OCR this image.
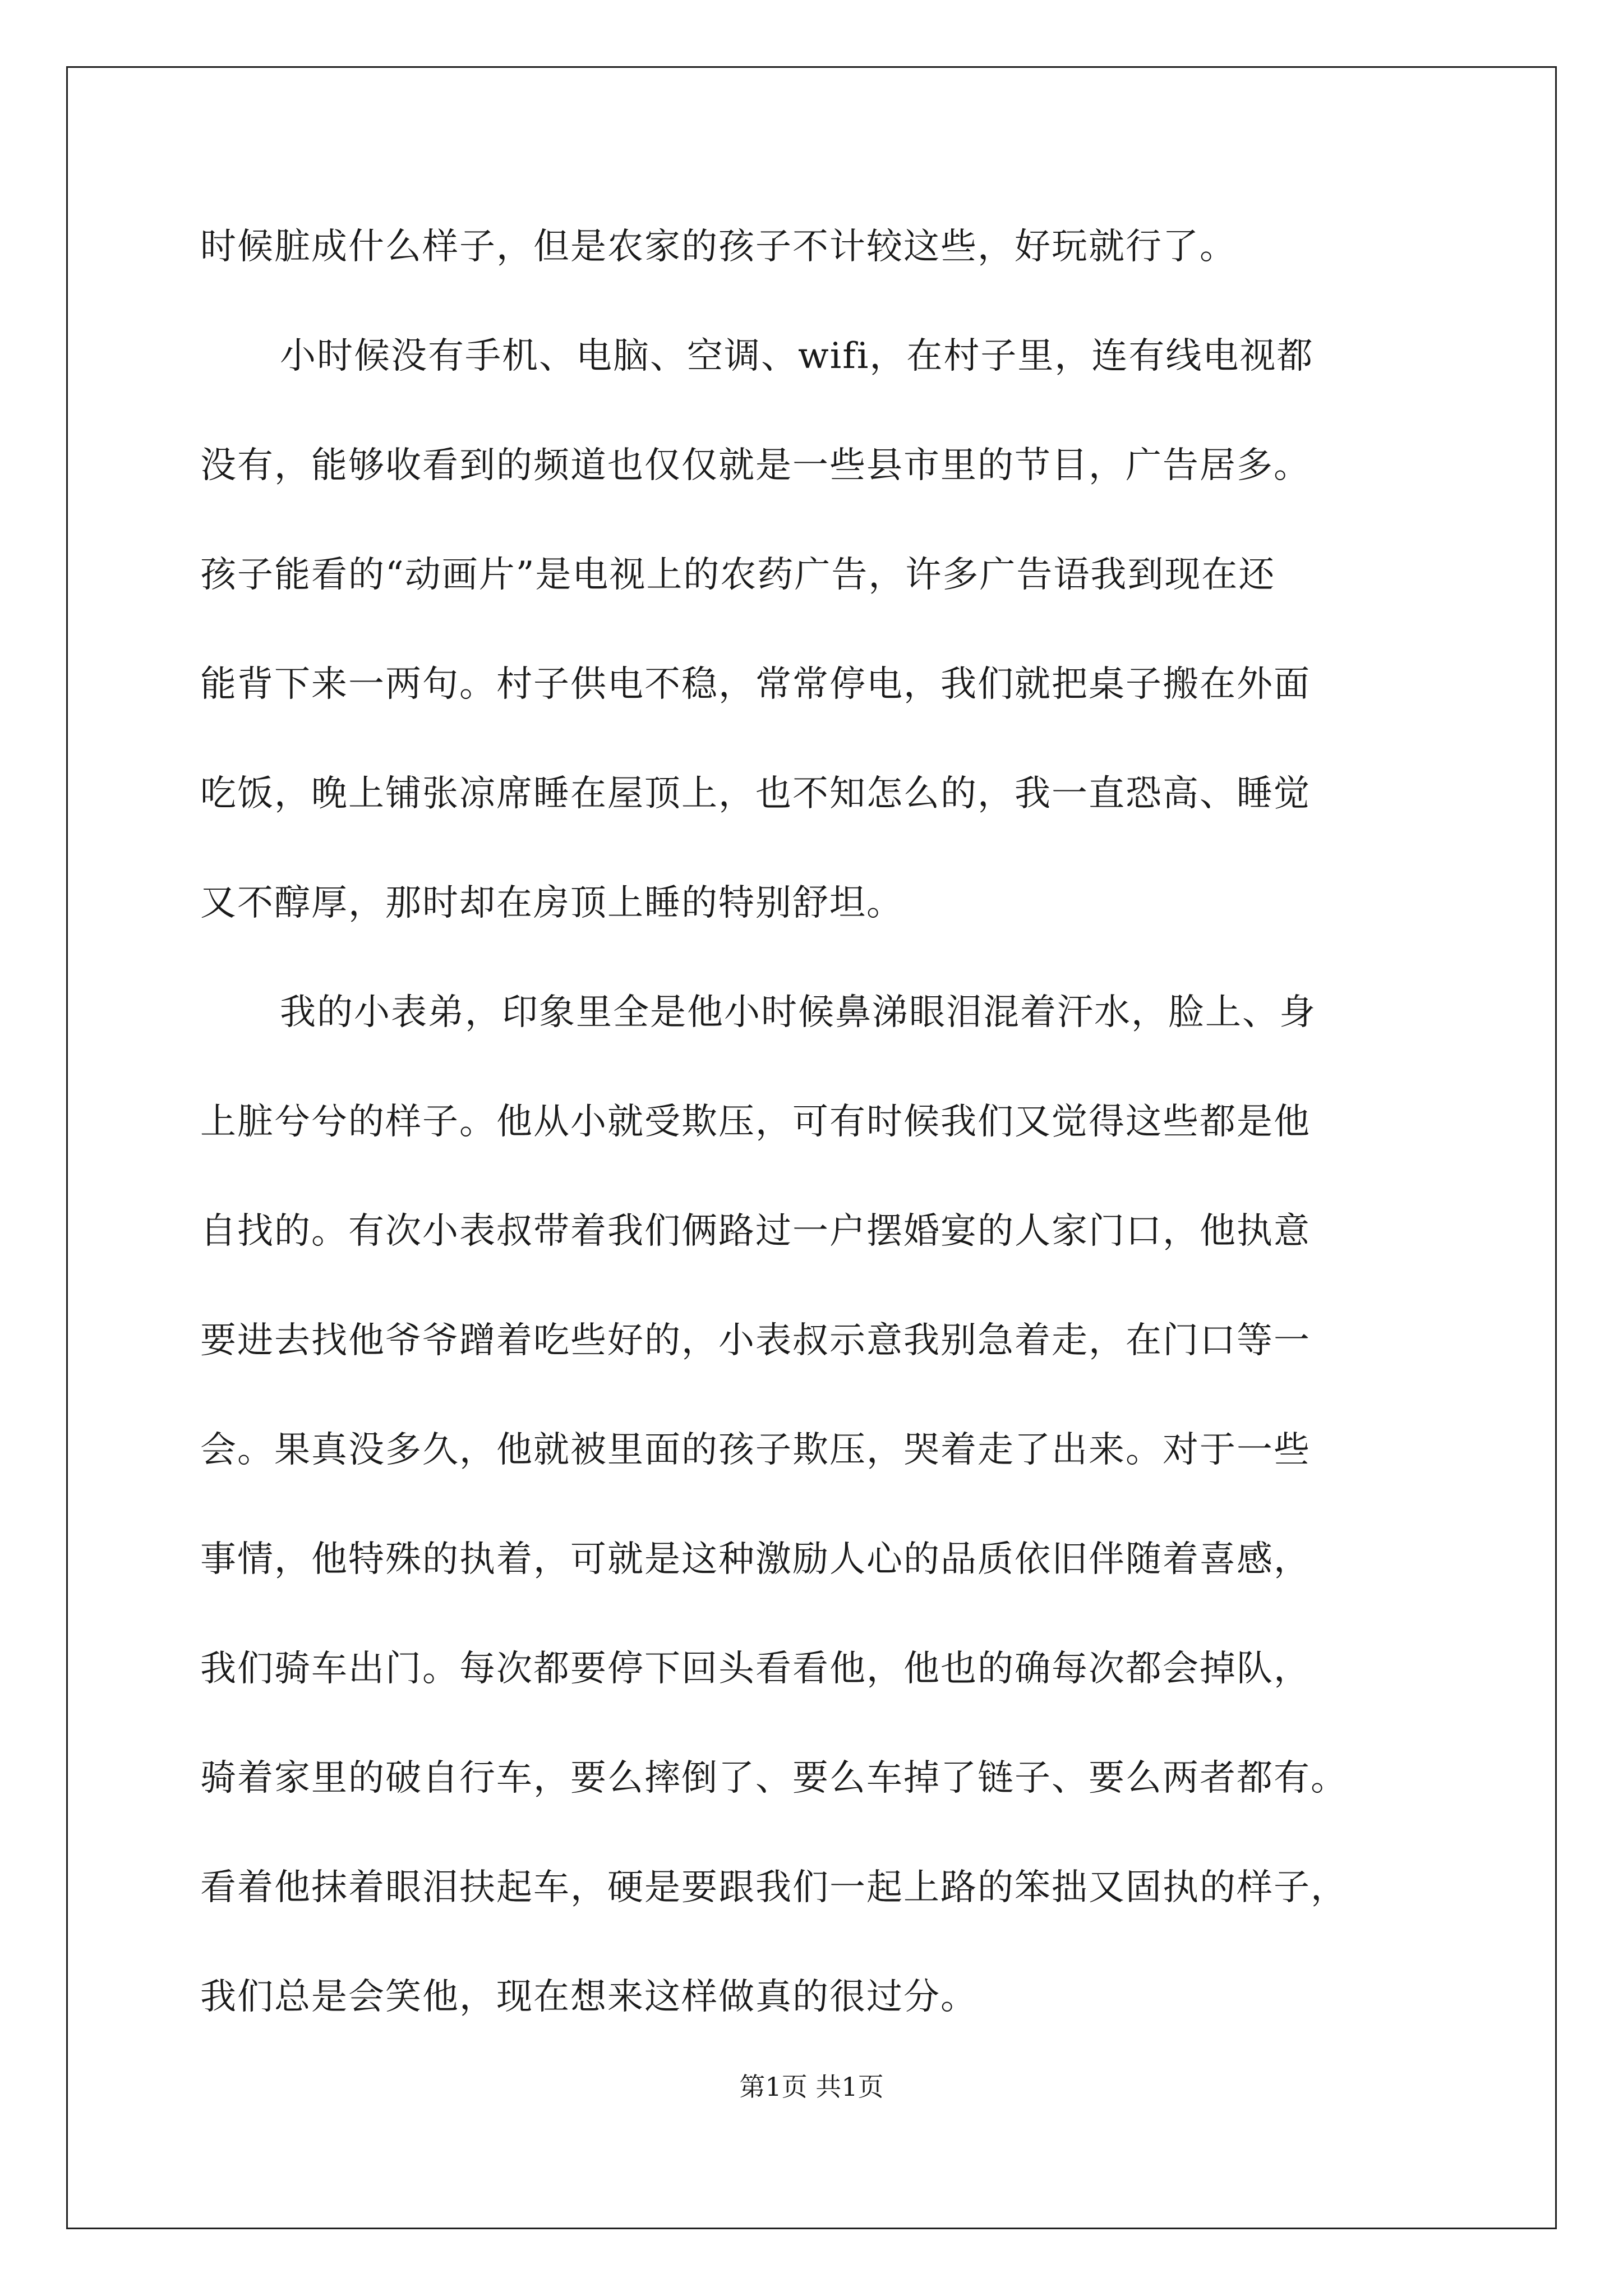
时候脏成什么样子，但是农家的孩子不计较这些，好玩就行了。
小时候没有手机、电脑、空调、wifi，在村子里，连有线电视都
没有，能够收看到的频道也仅仅就是一些县市里的节目，广告居多。
孩子能看的“动画片”是电视上的农药广告，许多广告语我到现在还
能背下来一两句。村子供电不稳，常常停电，我们就把桌子搬在外面
吃饭，晚上铺张凉席睡在屋顶上，也不知怎么的，我一直恐高、睡觉
又不醇厚，那时却在房顶上睡的特别舒坦。
我的小表弟，印象里全是他小时候鼻涕眼泪混着汗水，脸上、身
上脏兮兮的样子。他从小就受欺压，可有时候我们又觉得这些都是他
自找的。有次小表叔带着我们俩路过一户摆婚宴的人家门口，他执意
要进去找他爷爷蹭着吃些好的，小表叔示意我别急着走，在门口等一
会。果真没多久，他就被里面的孩子欺压，哭着走了出来。对于一些
事情，他特殊的执着，可就是这种激励人心的品质依旧伴随着喜感，
我们骑车出门。每次都要停下回头看看他，他也的确每次都会掉队，
骑着家里的破自行车，要么摔倒了、要么车掉了链子、要么两者都有。
看着他抹着眼泪扶起车，硬是要跟我们一起上路的笨拙又固执的样子，
我们总是会笑他，现在想来这样做真的很过分。
第1页 共1页
